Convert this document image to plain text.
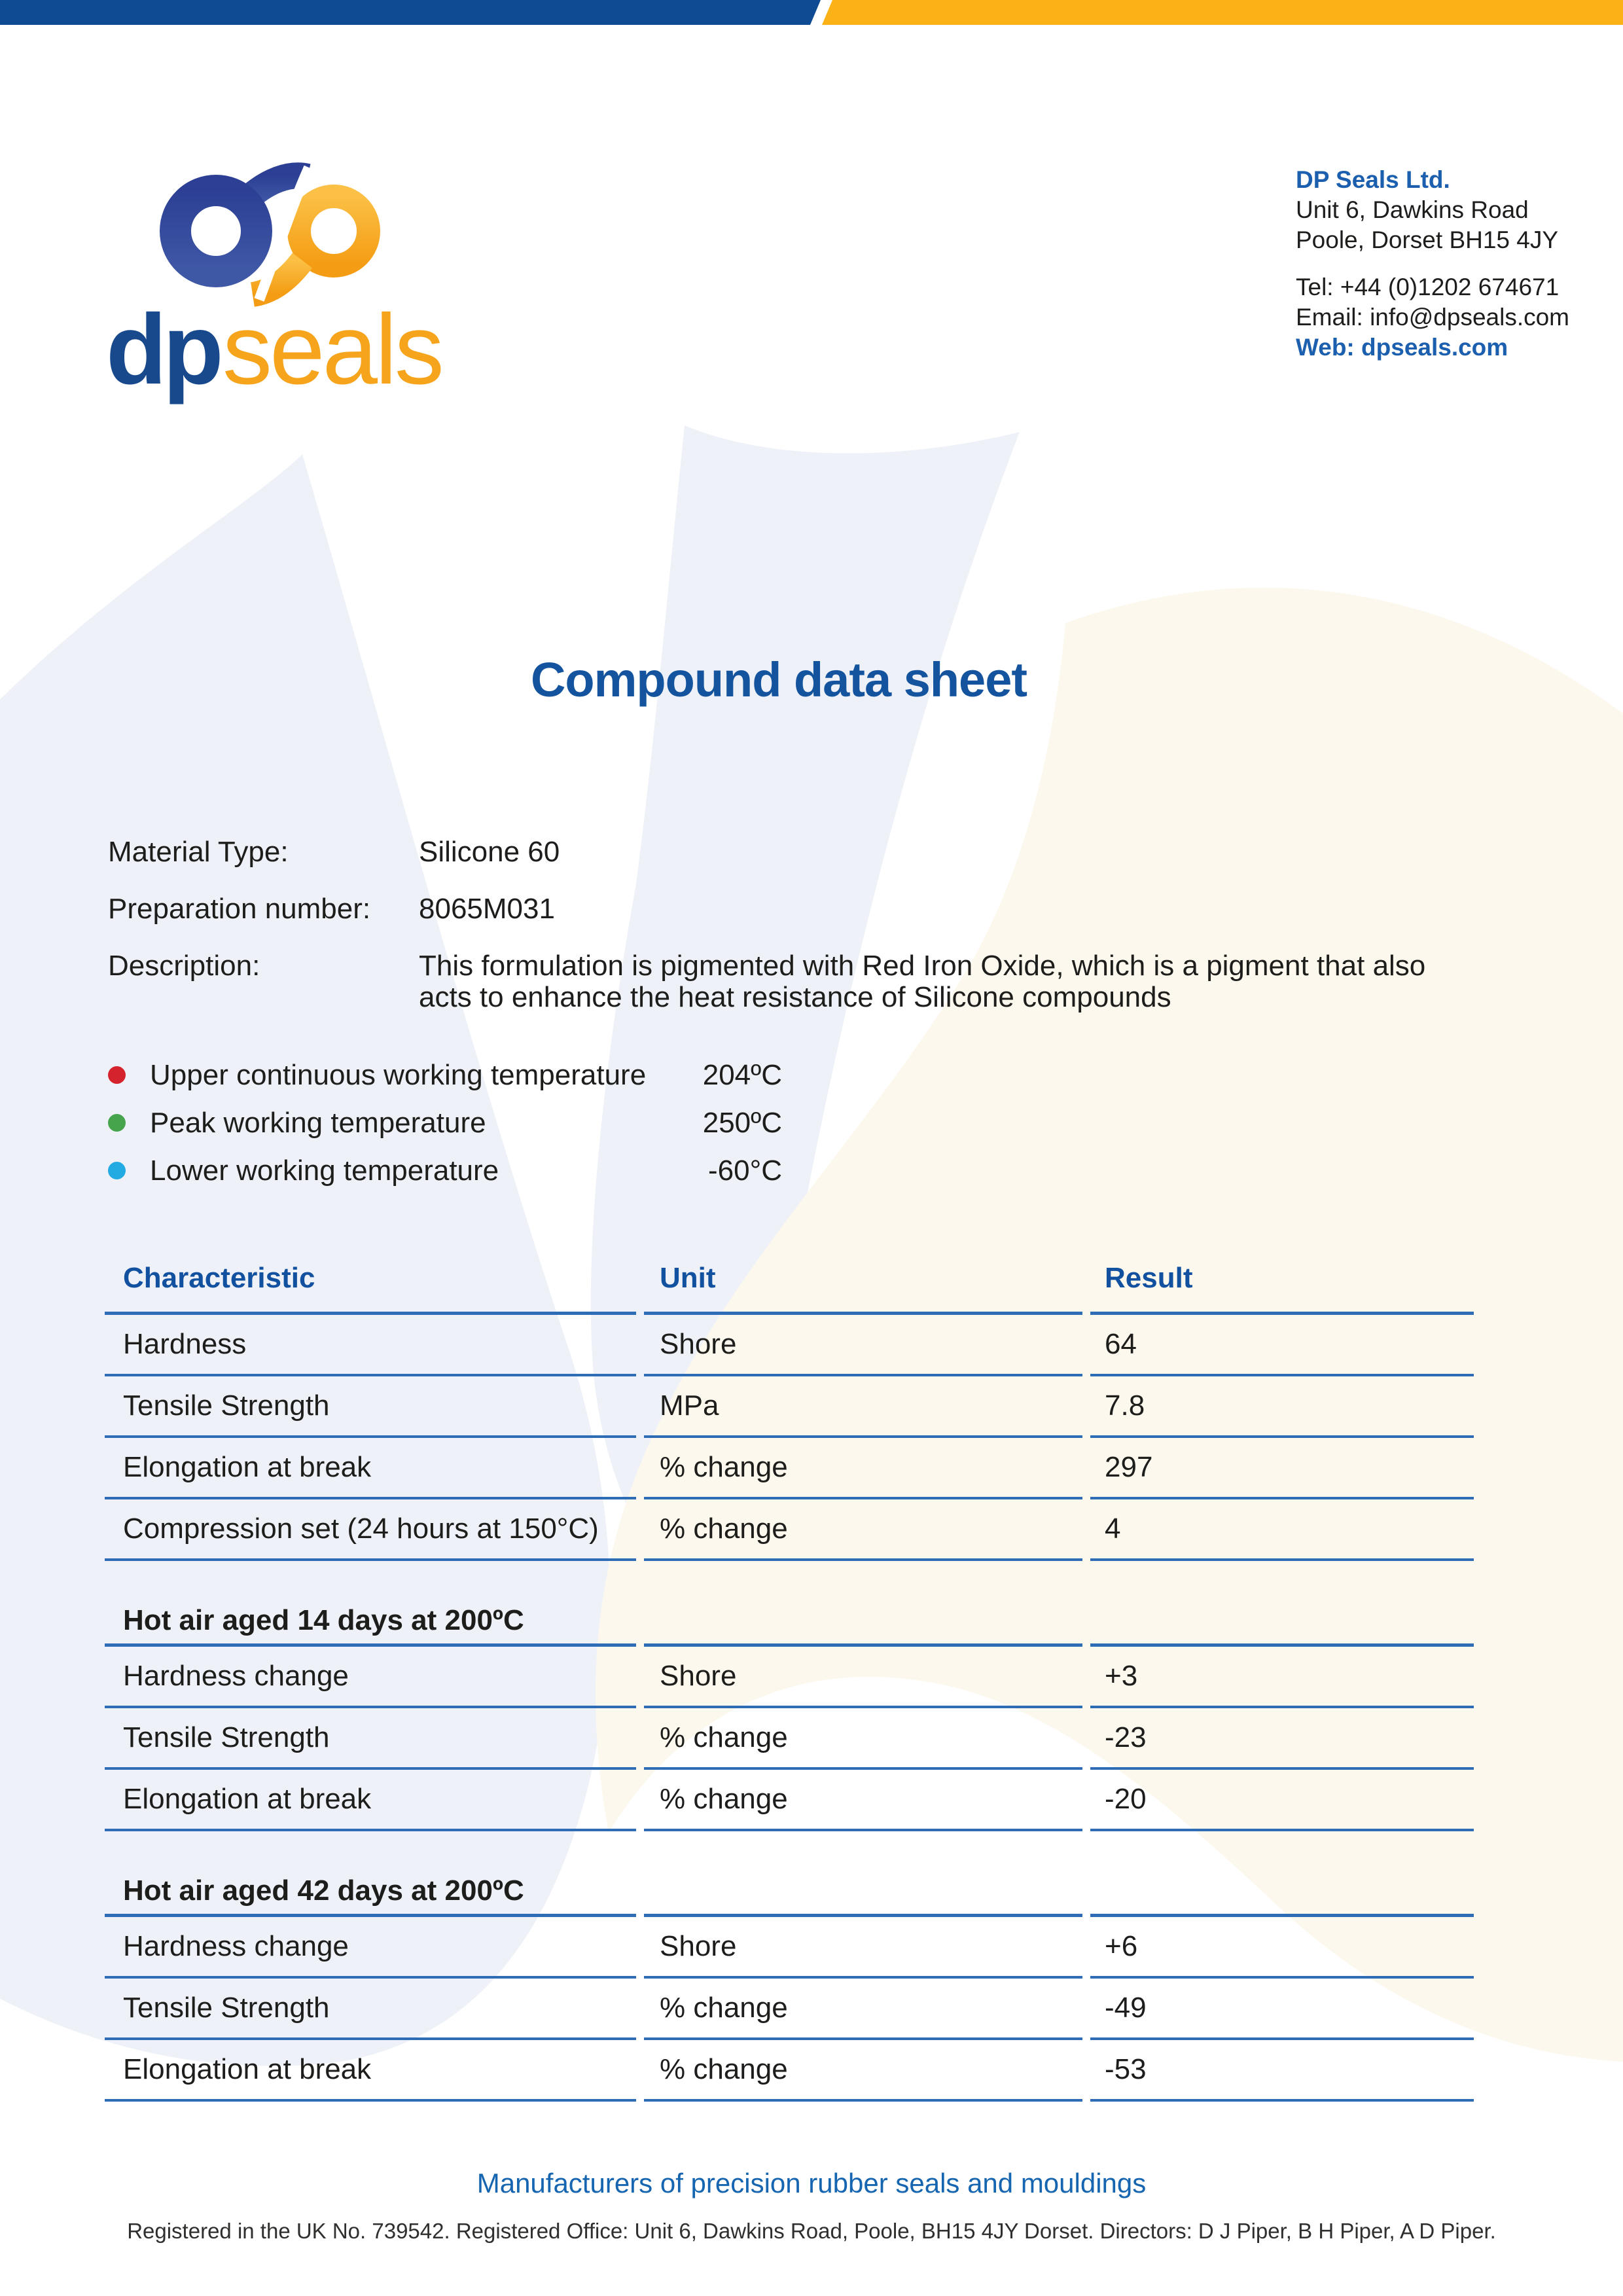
dp seals
DP Seals Ltd.
Unit 6, Dawkins Road
Poole, Dorset BH15 4JY
Tel: +44 (0)1202 674671
Email: info@dpseals.com
Web: dpseals.com
Compound data sheet
Material Type:	Silicone 60
Preparation number:	8065M031
Description:	This formulation is pigmented with Red Iron Oxide, which is a pigment that also acts to enhance the heat resistance of Silicone compounds
Upper continuous working temperature	204ºC
Peak working temperature	250ºC
Lower working temperature	-60°C
Characteristic	Unit	Result
Hardness	Shore	64
Tensile Strength	MPa	7.8
Elongation at break	% change	297
Compression set (24 hours at 150°C)	% change	4

Hot air aged 14 days at 200ºC		
Hardness change	Shore	+3
Tensile Strength	% change	-23
Elongation at break	% change	-20

Hot air aged 42 days at 200ºC		
Hardness change	Shore	+6
Tensile Strength	% change	-49
Elongation at break	% change	-53
Manufacturers of precision rubber seals and mouldings
Registered in the UK No. 739542. Registered Office: Unit 6, Dawkins Road, Poole, BH15 4JY Dorset. Directors: D J Piper, B H Piper, A D Piper.
